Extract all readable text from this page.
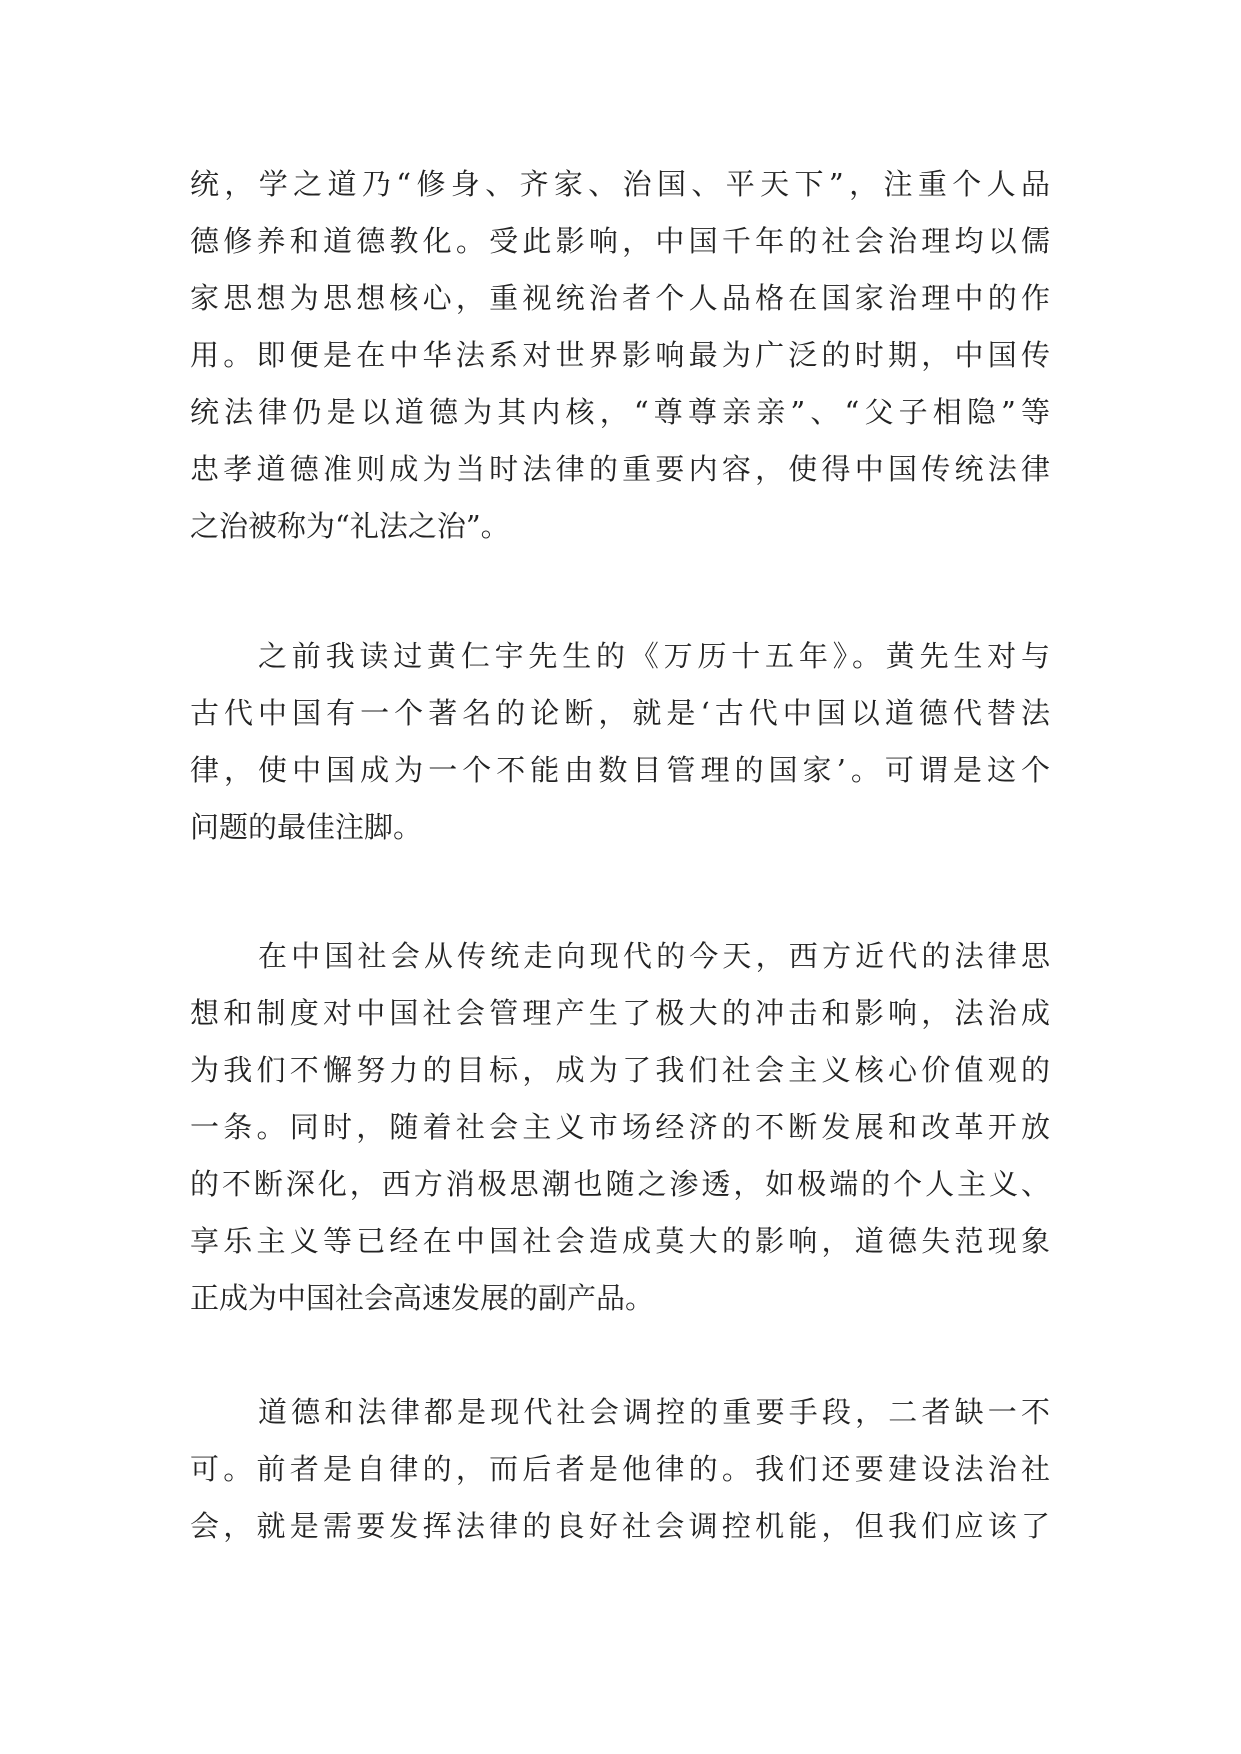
统，学之道乃“修身、齐家、治国、平天下”，注重个人品
德修养和道德教化。受此影响，中国千年的社会治理均以儒
家思想为思想核心，重视统治者个人品格在国家治理中的作
用。即便是在中华法系对世界影响最为广泛的时期，中国传
统法律仍是以道德为其内核，“尊尊亲亲”、“父子相隐”等
忠孝道德准则成为当时法律的重要内容，使得中国传统法律
之治被称为“礼法之治”。
之前我读过黄仁宇先生的《万历十五年》。黄先生对与
古代中国有一个著名的论断，就是‘古代中国以道德代替法
律，使中国成为一个不能由数目管理的国家’。可谓是这个
问题的最佳注脚。
在中国社会从传统走向现代的今天，西方近代的法律思
想和制度对中国社会管理产生了极大的冲击和影响，法治成
为我们不懈努力的目标，成为了我们社会主义核心价值观的
一条。同时，随着社会主义市场经济的不断发展和改革开放
的不断深化，西方消极思潮也随之渗透，如极端的个人主义、
享乐主义等已经在中国社会造成莫大的影响，道德失范现象
正成为中国社会高速发展的副产品。
道德和法律都是现代社会调控的重要手段，二者缺一不
可。前者是自律的，而后者是他律的。我们还要建设法治社
会，就是需要发挥法律的良好社会调控机能，但我们应该了
